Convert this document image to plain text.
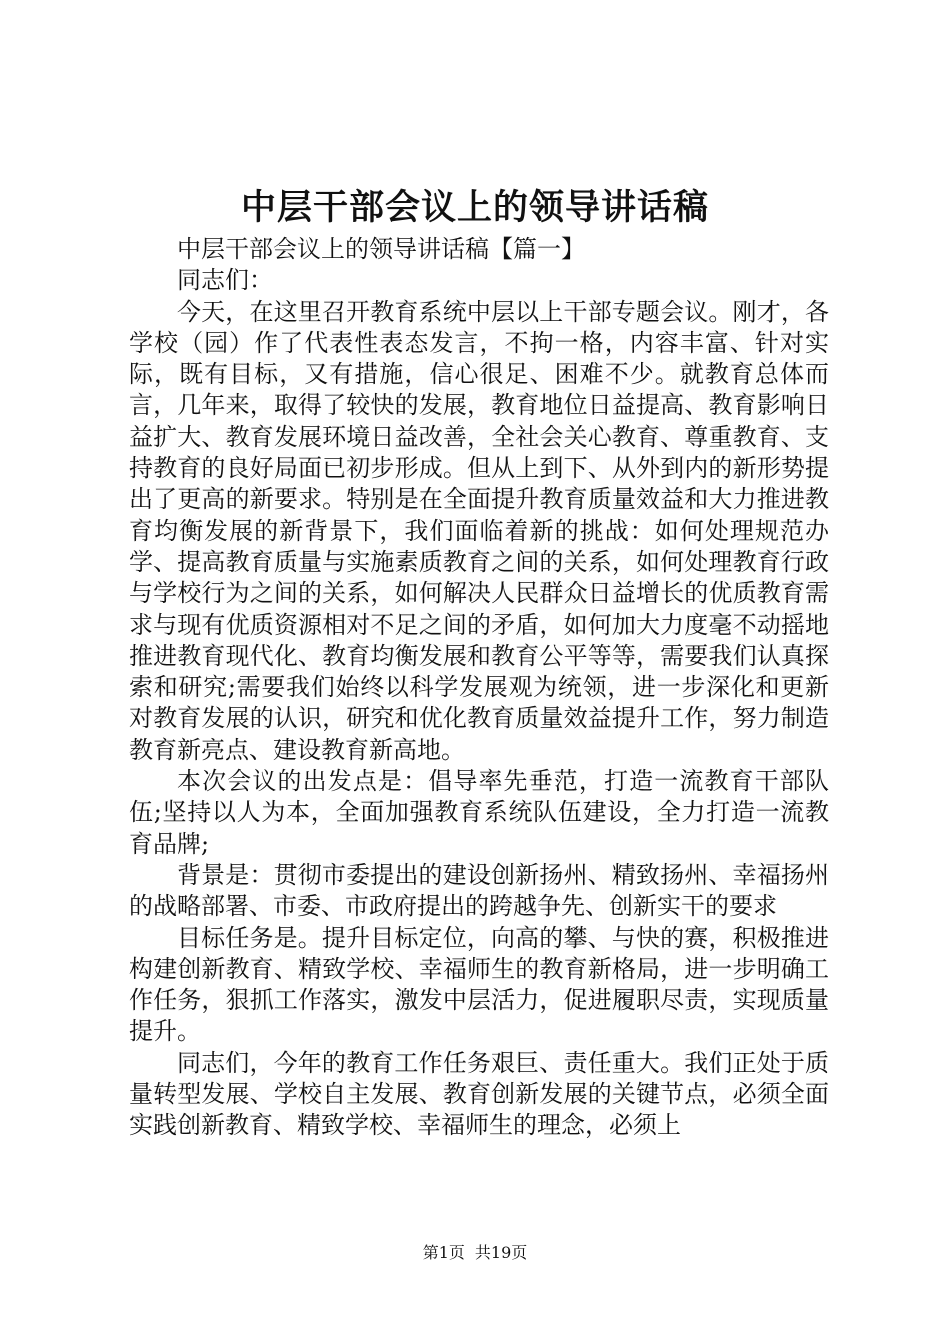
中层干部会议上的领导讲话稿

中层干部会议上的领导讲话稿【篇一】

同志们：

今天，在这里召开教育系统中层以上干部专题会议。刚才，各学校（园）作了代表性表态发言，不拘一格，内容丰富、针对实际，既有目标，又有措施，信心很足、困难不少。就教育总体而言，几年来，取得了较快的发展，教育地位日益提高、教育影响日益扩大、教育发展环境日益改善，全社会关心教育、尊重教育、支持教育的良好局面已初步形成。但从上到下、从外到内的新形势提出了更高的新要求。特别是在全面提升教育质量效益和大力推进教育均衡发展的新背景下，我们面临着新的挑战：如何处理规范办学、提高教育质量与实施素质教育之间的关系，如何处理教育行政与学校行为之间的关系，如何解决人民群众日益增长的优质教育需求与现有优质资源相对不足之间的矛盾，如何加大力度毫不动摇地推进教育现代化、教育均衡发展和教育公平等等，需要我们认真探索和研究;需要我们始终以科学发展观为统领，进一步深化和更新对教育发展的认识，研究和优化教育质量效益提升工作，努力制造教育新亮点、建设教育新高地。

本次会议的出发点是：倡导率先垂范，打造一流教育干部队伍;坚持以人为本，全面加强教育系统队伍建设，全力打造一流教育品牌;

背景是：贯彻市委提出的建设创新扬州、精致扬州、幸福扬州的战略部署、市委、市政府提出的跨越争先、创新实干的要求

目标任务是。提升目标定位，向高的攀、与快的赛，积极推进构建创新教育、精致学校、幸福师生的教育新格局，进一步明确工作任务，狠抓工作落实，激发中层活力，促进履职尽责，实现质量提升。

同志们，今年的教育工作任务艰巨、责任重大。我们正处于质量转型发展、学校自主发展、教育创新发展的关键节点，必须全面实践创新教育、精致学校、幸福师生的理念，必须上

第1页 共19页
